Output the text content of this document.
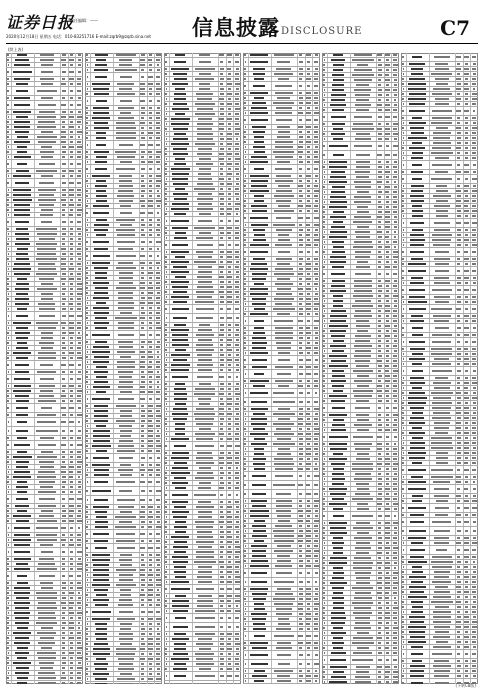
证券日报
责任编辑：——
2020年12月18日 星期五 电话：010-83251716 E-mail:zqrb9@zqrb.sina.net 信息披露 DISCLOSURE	C7
(续上表)
(下转C8版)
